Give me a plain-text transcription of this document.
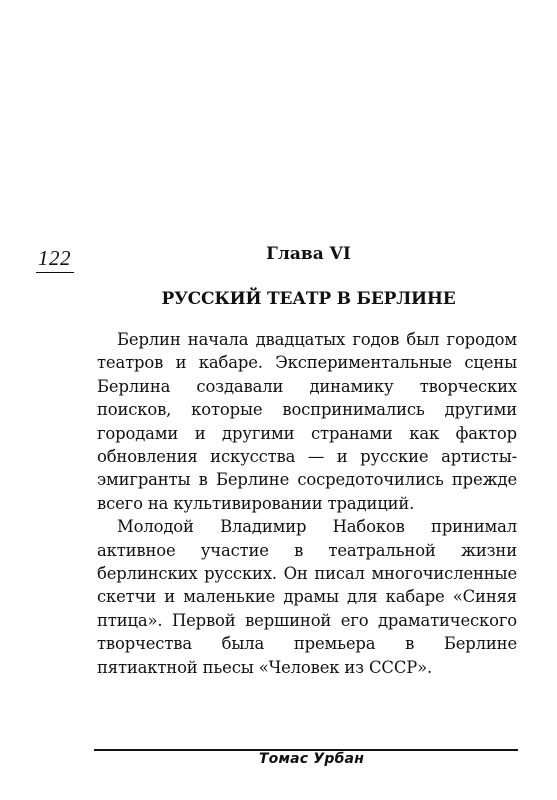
122	Глава VI
РУССКИЙ ТЕАТР В БЕРЛИНЕ

Берлин начала двадцатых годов был городом театров и кабаре. Экспериментальные сцены Берлина создавали динамику творческих поисков, которые воспринимались другими городами и другими странами как фактор обновления искусства — и русские артисты-эмигранты в Берлине сосредоточились прежде всего на культивировании традиций.

Молодой Владимир Набоков принимал активное участие в театральной жизни берлинских русских. Он писал многочисленные скетчи и маленькие драмы для кабаре «Синяя птица». Первой вершиной его драматического творчества была премьера в Берлине пятиактной пьесы «Человек из СССР».

Томас Урбан
